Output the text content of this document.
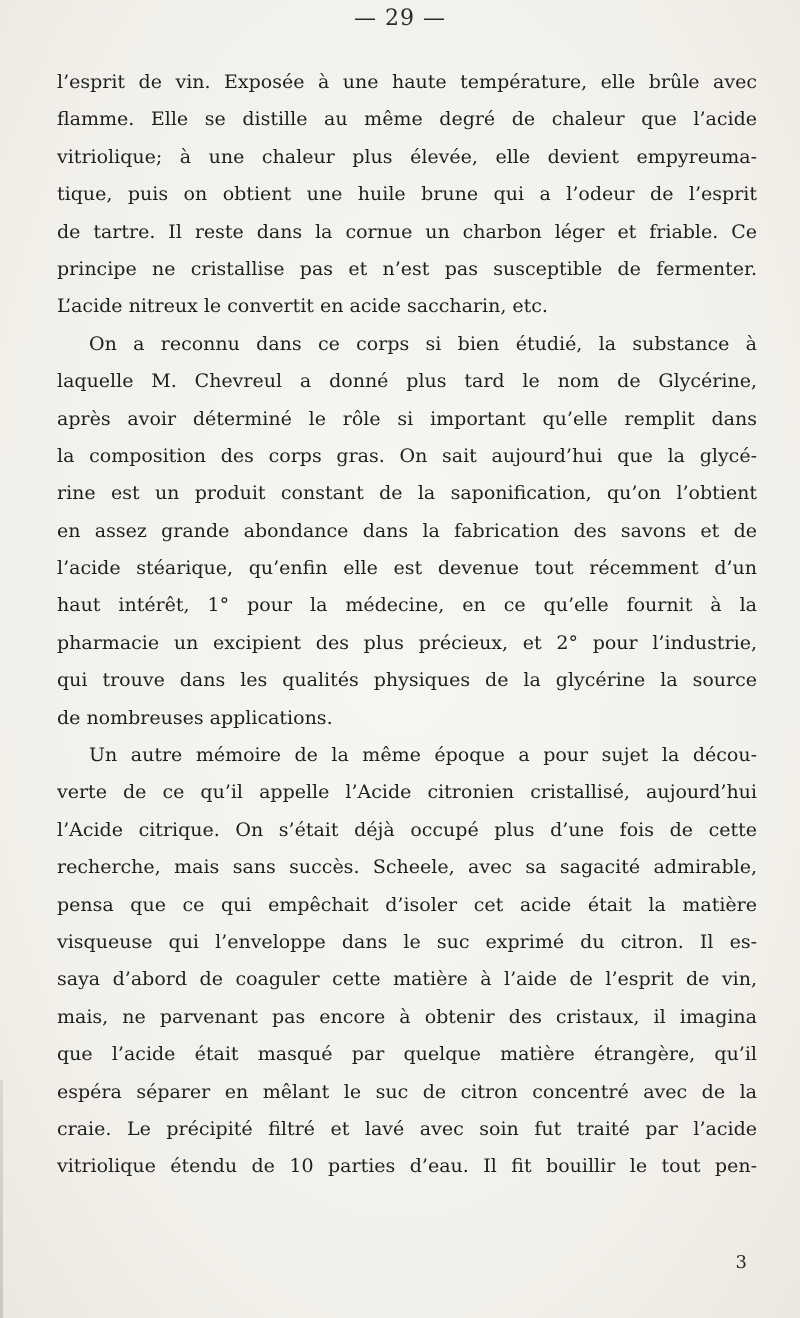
— 29 —
l’esprit de vin. Exposée à une haute température, elle brûle avec
flamme. Elle se distille au même degré de chaleur que l’acide
vitriolique; à une chaleur plus élevée, elle devient empyreuma-
tique, puis on obtient une huile brune qui a l’odeur de l’esprit
de tartre. Il reste dans la cornue un charbon léger et friable. Ce
principe ne cristallise pas et n’est pas susceptible de fermenter.
L’acide nitreux le convertit en acide saccharin, etc.
On a reconnu dans ce corps si bien étudié, la substance à
laquelle M. Chevreul a donné plus tard le nom de Glycérine,
après avoir déterminé le rôle si important qu’elle remplit dans
la composition des corps gras. On sait aujourd’hui que la glycé-
rine est un produit constant de la saponification, qu’on l’obtient
en assez grande abondance dans la fabrication des savons et de
l’acide stéarique, qu’enfin elle est devenue tout récemment d’un
haut intérêt, 1° pour la médecine, en ce qu’elle fournit à la
pharmacie un excipient des plus précieux, et 2° pour l’industrie,
qui trouve dans les qualités physiques de la glycérine la source
de nombreuses applications.
Un autre mémoire de la même époque a pour sujet la décou-
verte de ce qu’il appelle l’Acide citronien cristallisé, aujourd’hui
l’Acide citrique. On s’était déjà occupé plus d’une fois de cette
recherche, mais sans succès. Scheele, avec sa sagacité admirable,
pensa que ce qui empêchait d’isoler cet acide était la matière
visqueuse qui l’enveloppe dans le suc exprimé du citron. Il es-
saya d’abord de coaguler cette matière à l’aide de l’esprit de vin,
mais, ne parvenant pas encore à obtenir des cristaux, il imagina
que l’acide était masqué par quelque matière étrangère, qu’il
espéra séparer en mêlant le suc de citron concentré avec de la
craie. Le précipité filtré et lavé avec soin fut traité par l’acide
vitriolique étendu de 10 parties d’eau. Il fit bouillir le tout pen-
3
